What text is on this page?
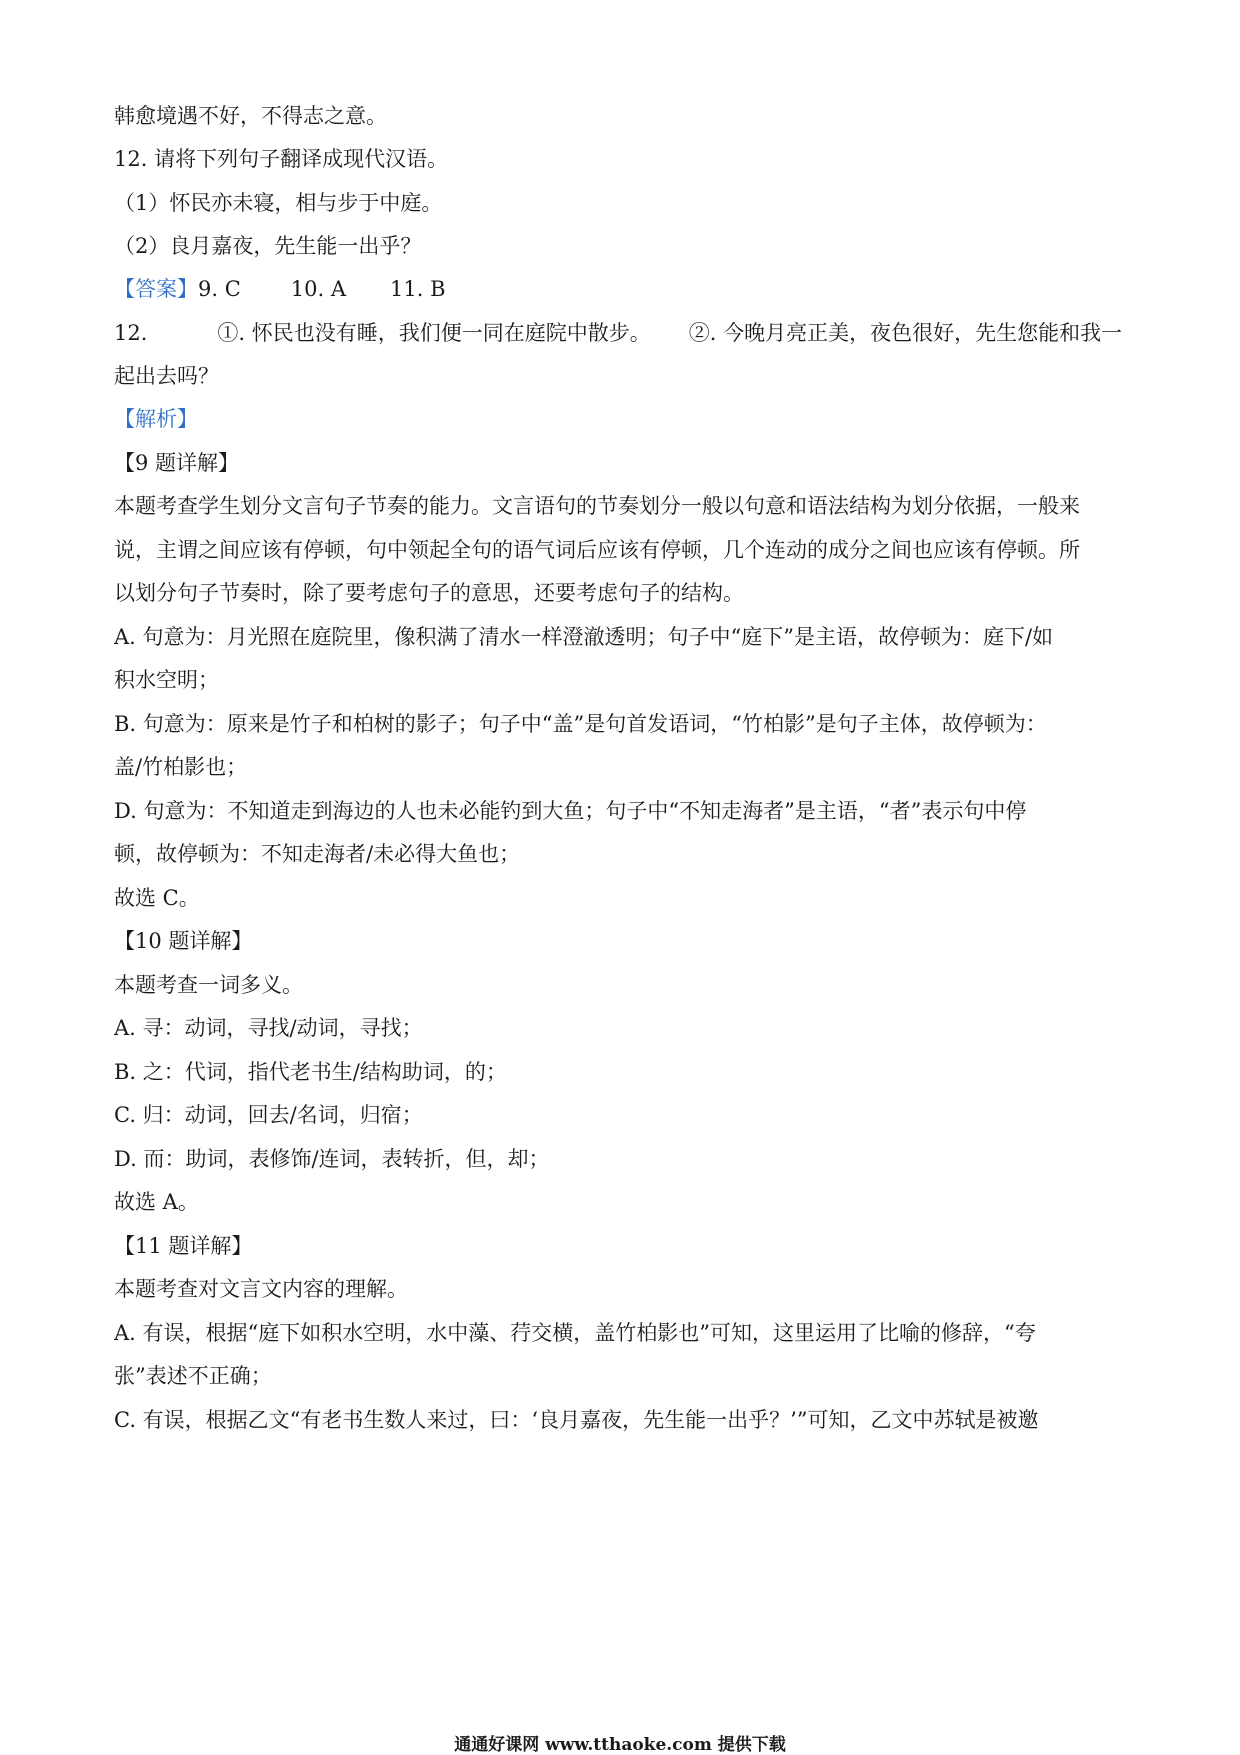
韩愈境遇不好，不得志之意。
12. 请将下列句子翻译成现代汉语。
（1）怀民亦未寝，相与步于中庭。
（2）良月嘉夜，先生能一出乎？
【答案】9. C 10. A 11. B
12.	①. 怀民也没有睡，我们便一同在庭院中散步。 ②. 今晚月亮正美，夜色很好，先生您能和我一
起出去吗？
【解析】
【9 题详解】
本题考查学生划分文言句子节奏的能力。文言语句的节奏划分一般以句意和语法结构为划分依据，一般来
说，主谓之间应该有停顿，句中领起全句的语气词后应该有停顿，几个连动的成分之间也应该有停顿。所
以划分句子节奏时，除了要考虑句子的意思，还要考虑句子的结构。
A. 句意为：月光照在庭院里，像积满了清水一样澄澈透明；句子中“庭下”是主语，故停顿为：庭下/如
积水空明；
B. 句意为：原来是竹子和柏树的影子；句子中“盖”是句首发语词，“竹柏影”是句子主体，故停顿为：
盖/竹柏影也；
D. 句意为：不知道走到海边的人也未必能钓到大鱼；句子中“不知走海者”是主语，“者”表示句中停
顿，故停顿为：不知走海者/未必得大鱼也；
故选 C。
【10 题详解】
本题考查一词多义。
A. 寻：动词，寻找/动词，寻找；
B. 之：代词，指代老书生/结构助词，的；
C. 归：动词，回去/名词，归宿；
D. 而：助词，表修饰/连词，表转折，但，却；
故选 A。
【11 题详解】
本题考查对文言文内容的理解。
A. 有误，根据“庭下如积水空明，水中藻、荇交横，盖竹柏影也”可知，这里运用了比喻的修辞，“夸
张”表述不正确；
C. 有误，根据乙文“有老书生数人来过，曰：‘良月嘉夜，先生能一出乎？’”可知，乙文中苏轼是被邀
通通好课网 www.tthaoke.com 提供下载
